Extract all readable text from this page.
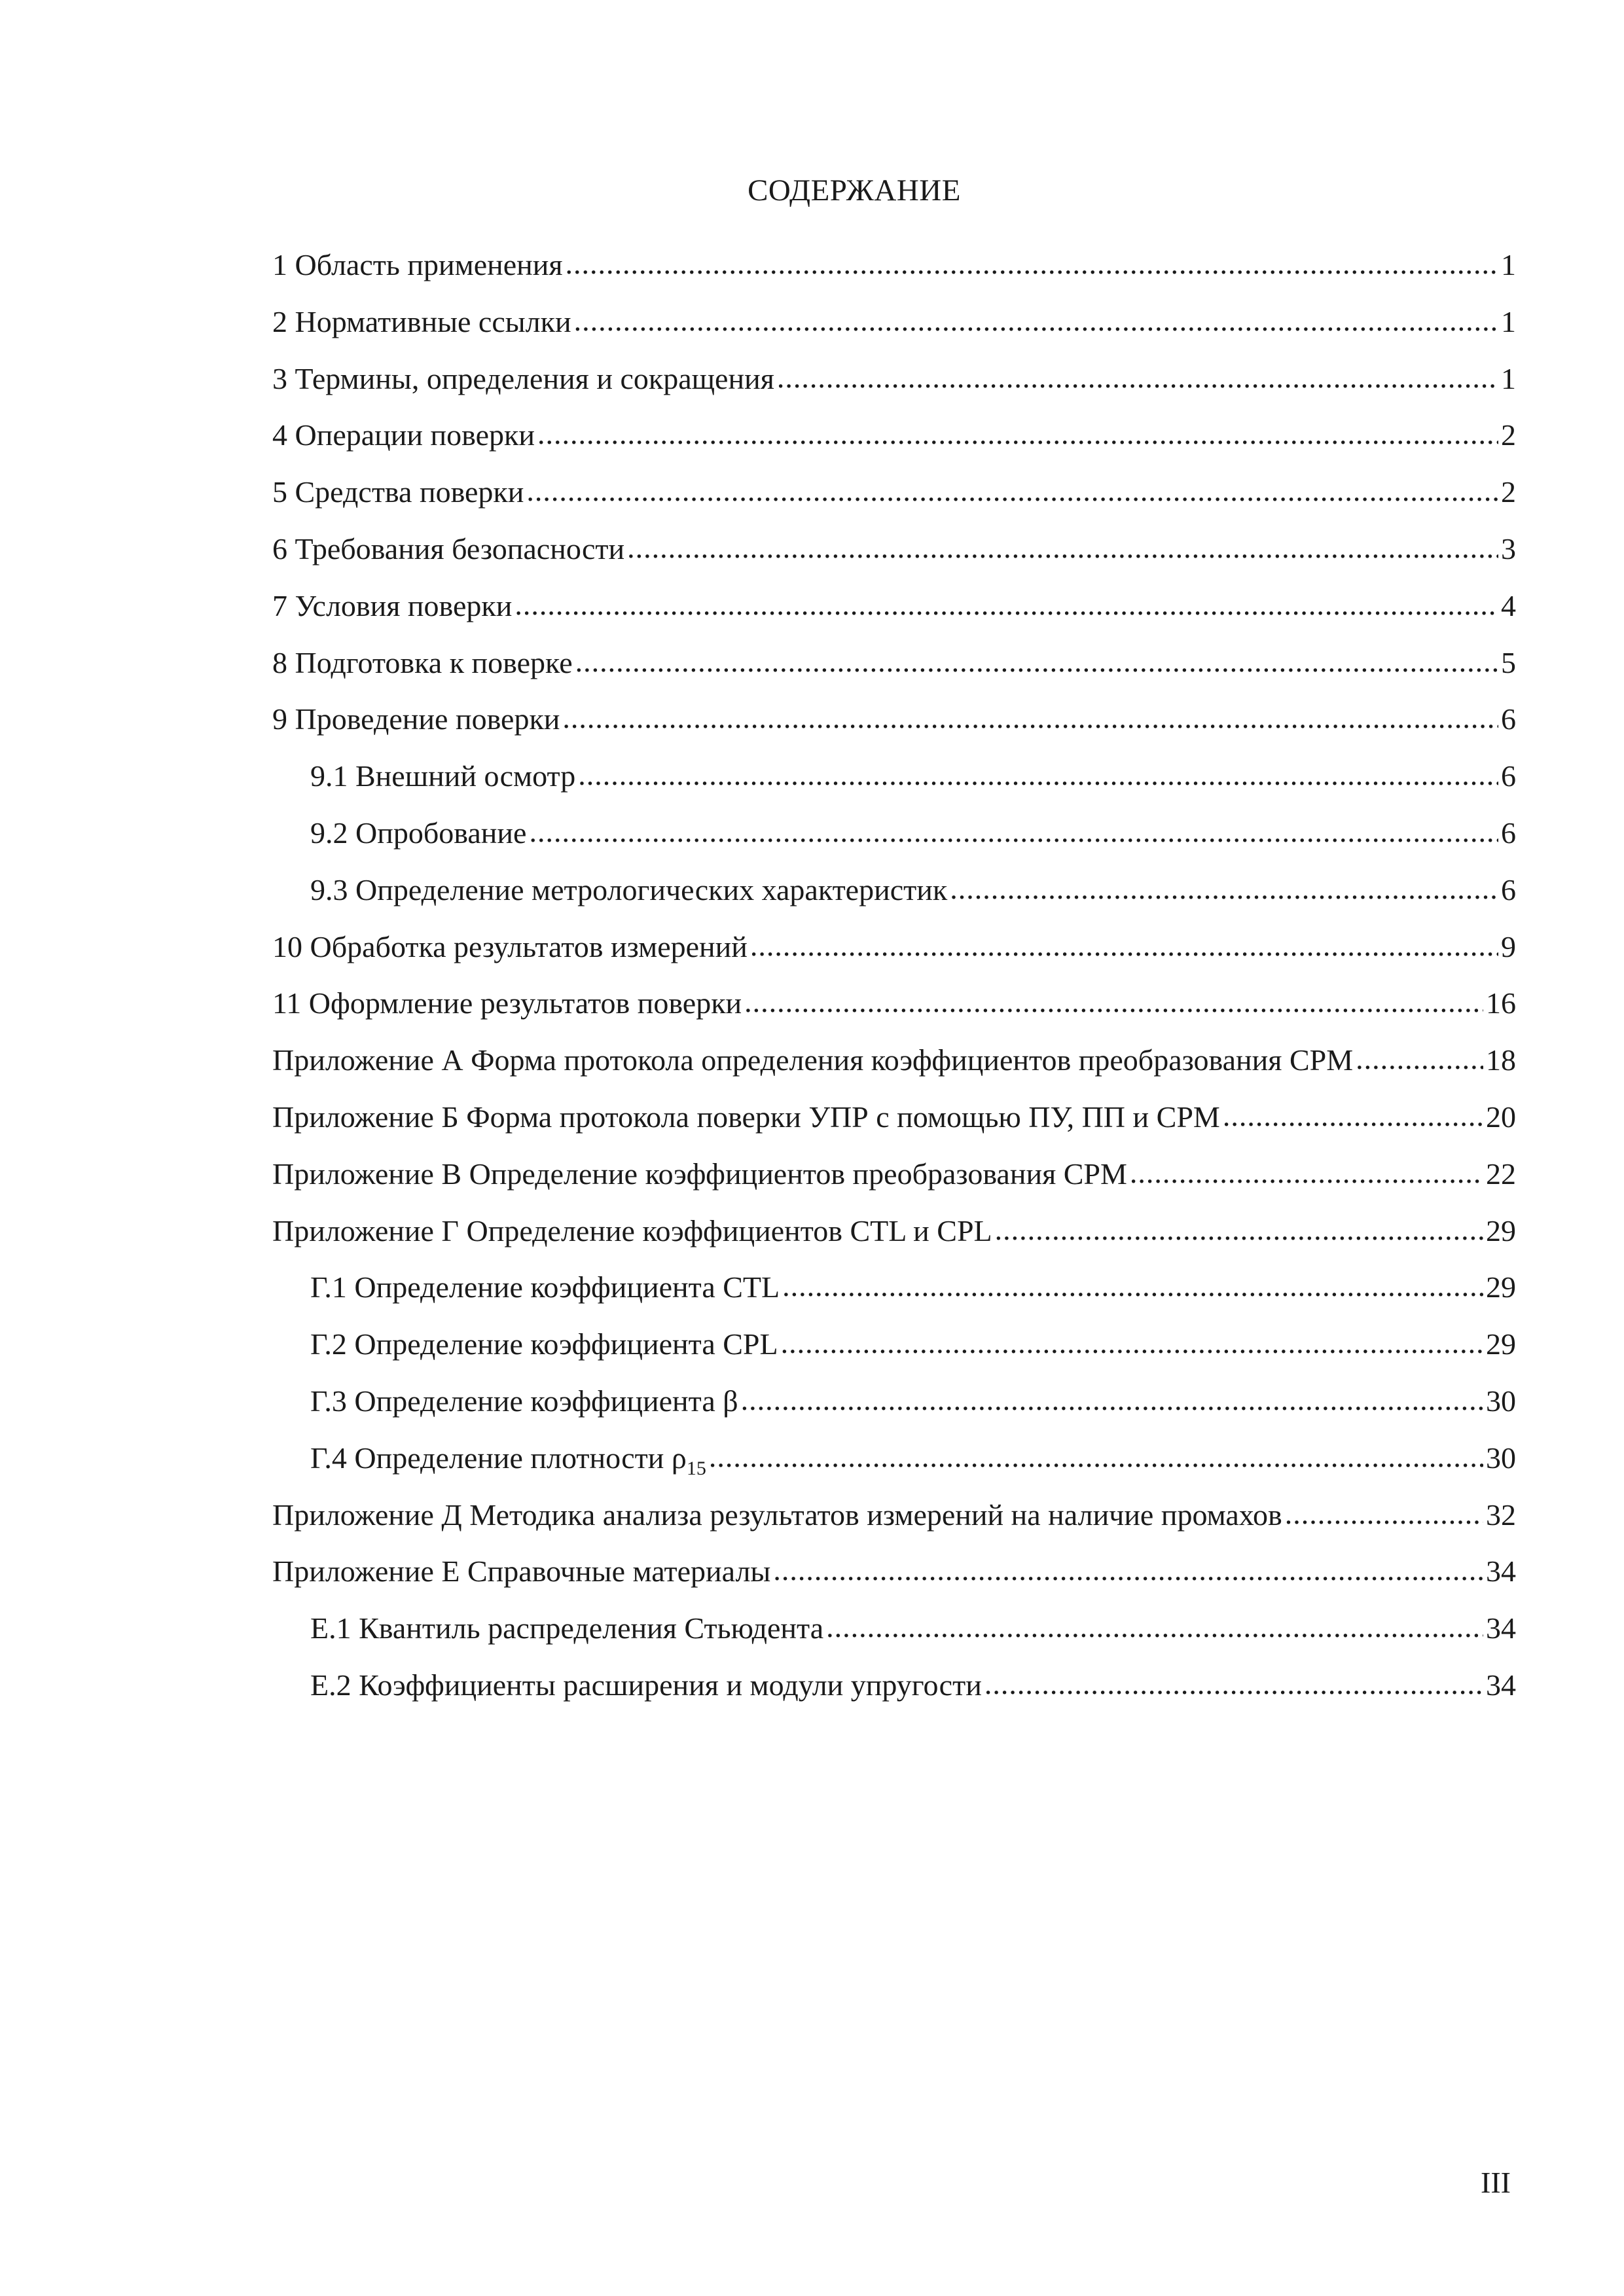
СОДЕРЖАНИЕ
1 Область применения .....	1
2 Нормативные ссылки .....	1
3 Термины, определения и сокращения .....	1
4 Операции поверки .....	2
5 Средства поверки .....	2
6 Требования безопасности .....	3
7 Условия поверки .....	4
8 Подготовка к поверке .....	5
9 Проведение поверки .....	6
9.1 Внешний осмотр .....	6
9.2 Опробование .....	6
9.3 Определение метрологических характеристик .....	6
10 Обработка результатов измерений .....	9
11 Оформление результатов поверки .....	16
Приложение А Форма протокола определения коэффициентов преобразования СРМ .....	18
Приложение Б Форма протокола поверки УПР с помощью ПУ, ПП и СРМ .....	20
Приложение В Определение коэффициентов преобразования СРМ .....	22
Приложение Г Определение коэффициентов CTL и CPL .....	29
Г.1 Определение коэффициента CTL .....	29
Г.2 Определение коэффициента CPL .....	29
Г.3 Определение коэффициента β .....	30
Г.4 Определение плотности $\rho_{15}$ .....	30
Приложение Д Методика анализа результатов измерений на наличие промахов .....	32
Приложение Е Справочные материалы .....	34
Е.1 Квантиль распределения Стьюдента .....	34
Е.2 Коэффициенты расширения и модули упругости .....	34
III
